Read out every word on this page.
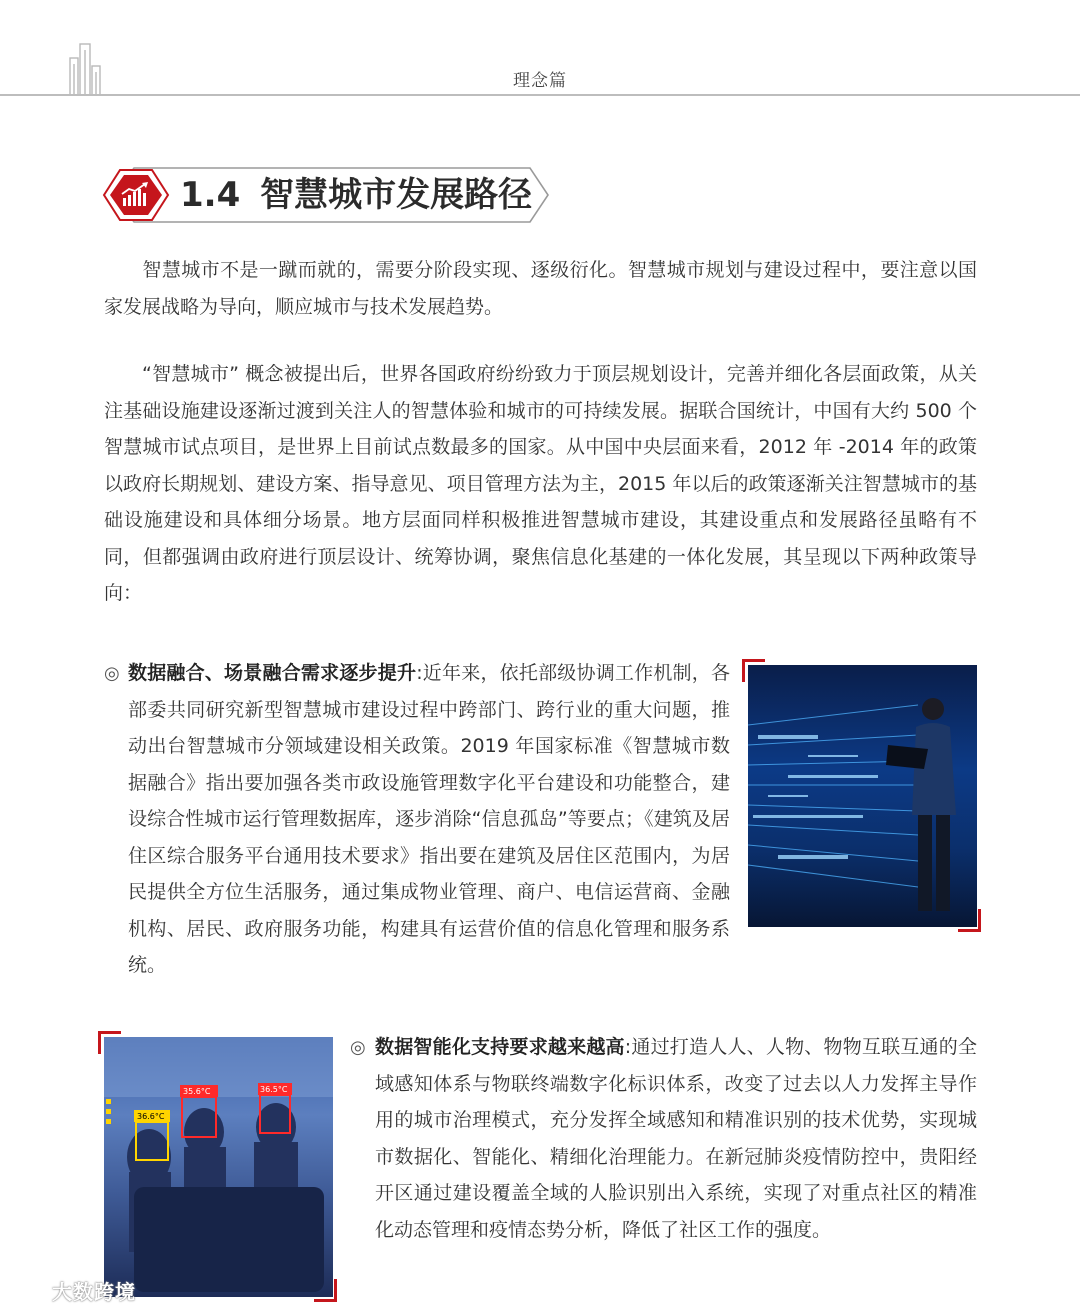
理念篇
1.4 智慧城市发展路径

智慧城市不是一蹴而就的，需要分阶段实现、逐级衍化。智慧城市规划与建设过程中，要注意以国家发展战略为导向，顺应城市与技术发展趋势。

“智慧城市” 概念被提出后，世界各国政府纷纷致力于顶层规划设计，完善并细化各层面政策，从关注基础设施建设逐渐过渡到关注人的智慧体验和城市的可持续发展。据联合国统计，中国有大约 500 个智慧城市试点项目，是世界上目前试点数最多的国家。从中国中央层面来看，2012 年 -2014 年的政策以政府长期规划、建设方案、指导意见、项目管理方法为主，2015 年以后的政策逐渐关注智慧城市的基础设施建设和具体细分场景。地方层面同样积极推进智慧城市建设，其建设重点和发展路径虽略有不同，但都强调由政府进行顶层设计、统筹协调，聚焦信息化基建的一体化发展，其呈现以下两种政策导向：

◎ 数据融合、场景融合需求逐步提升:近年来，依托部级协调工作机制，各部委共同研究新型智慧城市建设过程中跨部门、跨行业的重大问题，推动出台智慧城市分领域建设相关政策。2019 年国家标准《智慧城市数据融合》指出要加强各类市政设施管理数字化平台建设和功能整合，建设综合性城市运行管理数据库，逐步消除“信息孤岛”等要点；《建筑及居住区综合服务平台通用技术要求》指出要在建筑及居住区范围内，为居民提供全方位生活服务，通过集成物业管理、商户、电信运营商、金融机构、居民、政府服务功能，构建具有运营价值的信息化管理和服务系统。

36.6°C
35.6°C	36.5°C
◎ 数据智能化支持要求越来越高:通过打造人人、人物、物物互联互通的全域感知体系与物联终端数字化标识体系，改变了过去以人力发挥主导作用的城市治理模式，充分发挥全域感知和精准识别的技术优势，实现城市数据化、智能化、精细化治理能力。在新冠肺炎疫情防控中，贵阳经开区通过建设覆盖全域的人脸识别出入系统，实现了对重点社区的精准化动态管理和疫情态势分析，降低了社区工作的强度。

大数跨境
